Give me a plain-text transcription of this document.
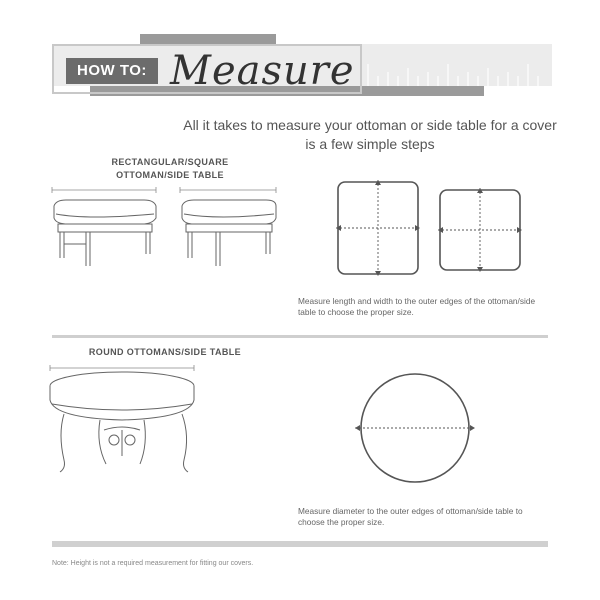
HOW TO: Measure
All it takes to measure your ottoman or side table for a cover is a few simple steps
RECTANGULAR/SQUARE
OTTOMAN/SIDE TABLE
Measure length and width to the outer edges of the ottoman/side table to choose the proper size.
ROUND OTTOMANS/SIDE TABLE
Measure diameter to the outer edges of ottoman/side table to choose the proper size.
Note: Height is not a required measurement for fitting our covers.
